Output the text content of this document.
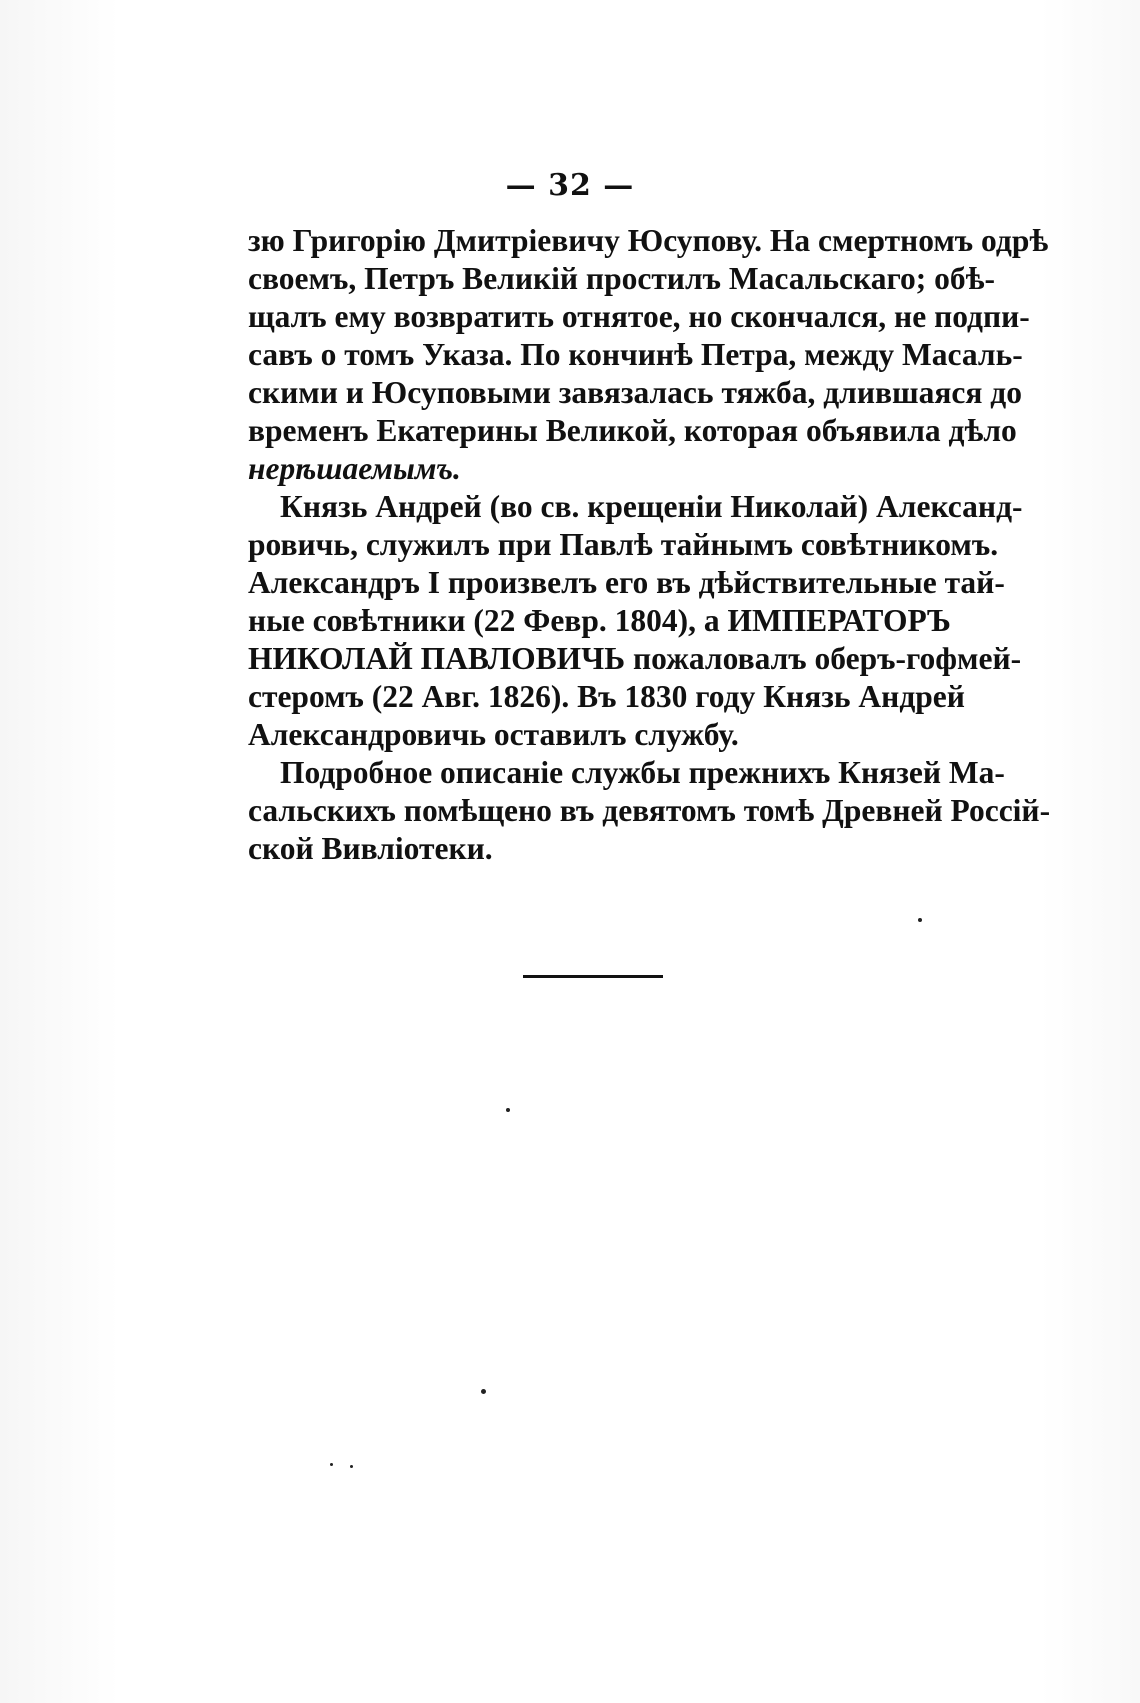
— 32 —

зю Григорію Дмитріевичу Юсупову. На смертномъ одрѣ
своемъ, Петръ Великій простилъ Масальскаго; обѣ-
щалъ ему возвратить отнятое, но скончался, не подпи-
савъ о томъ Указа. По кончинѣ Петра, между Масаль-
скими и Юсуповыми завязалась тяжба, длившаяся до
временъ Екатерины Великой, которая объявила дѣло
нерѣшаемымъ.

Князь Андрей (во св. крещеніи Николай) Александ-
ровичь, служилъ при Павлѣ тайнымъ совѣтникомъ.
Александръ I произвелъ его въ дѣйствительные тай-
ные совѣтники (22 Февр. 1804), а ИМПЕРАТОРЪ
НИКОЛАЙ ПАВЛОВИЧЬ пожаловалъ оберъ-гофмей-
стеромъ (22 Авг. 1826). Въ 1830 году Князь Андрей
Александровичь оставилъ службу.

Подробное описаніе службы прежнихъ Князей Ма-
сальскихъ помѣщено въ девятомъ томѣ Древней Россій-
ской Вивліотеки.
